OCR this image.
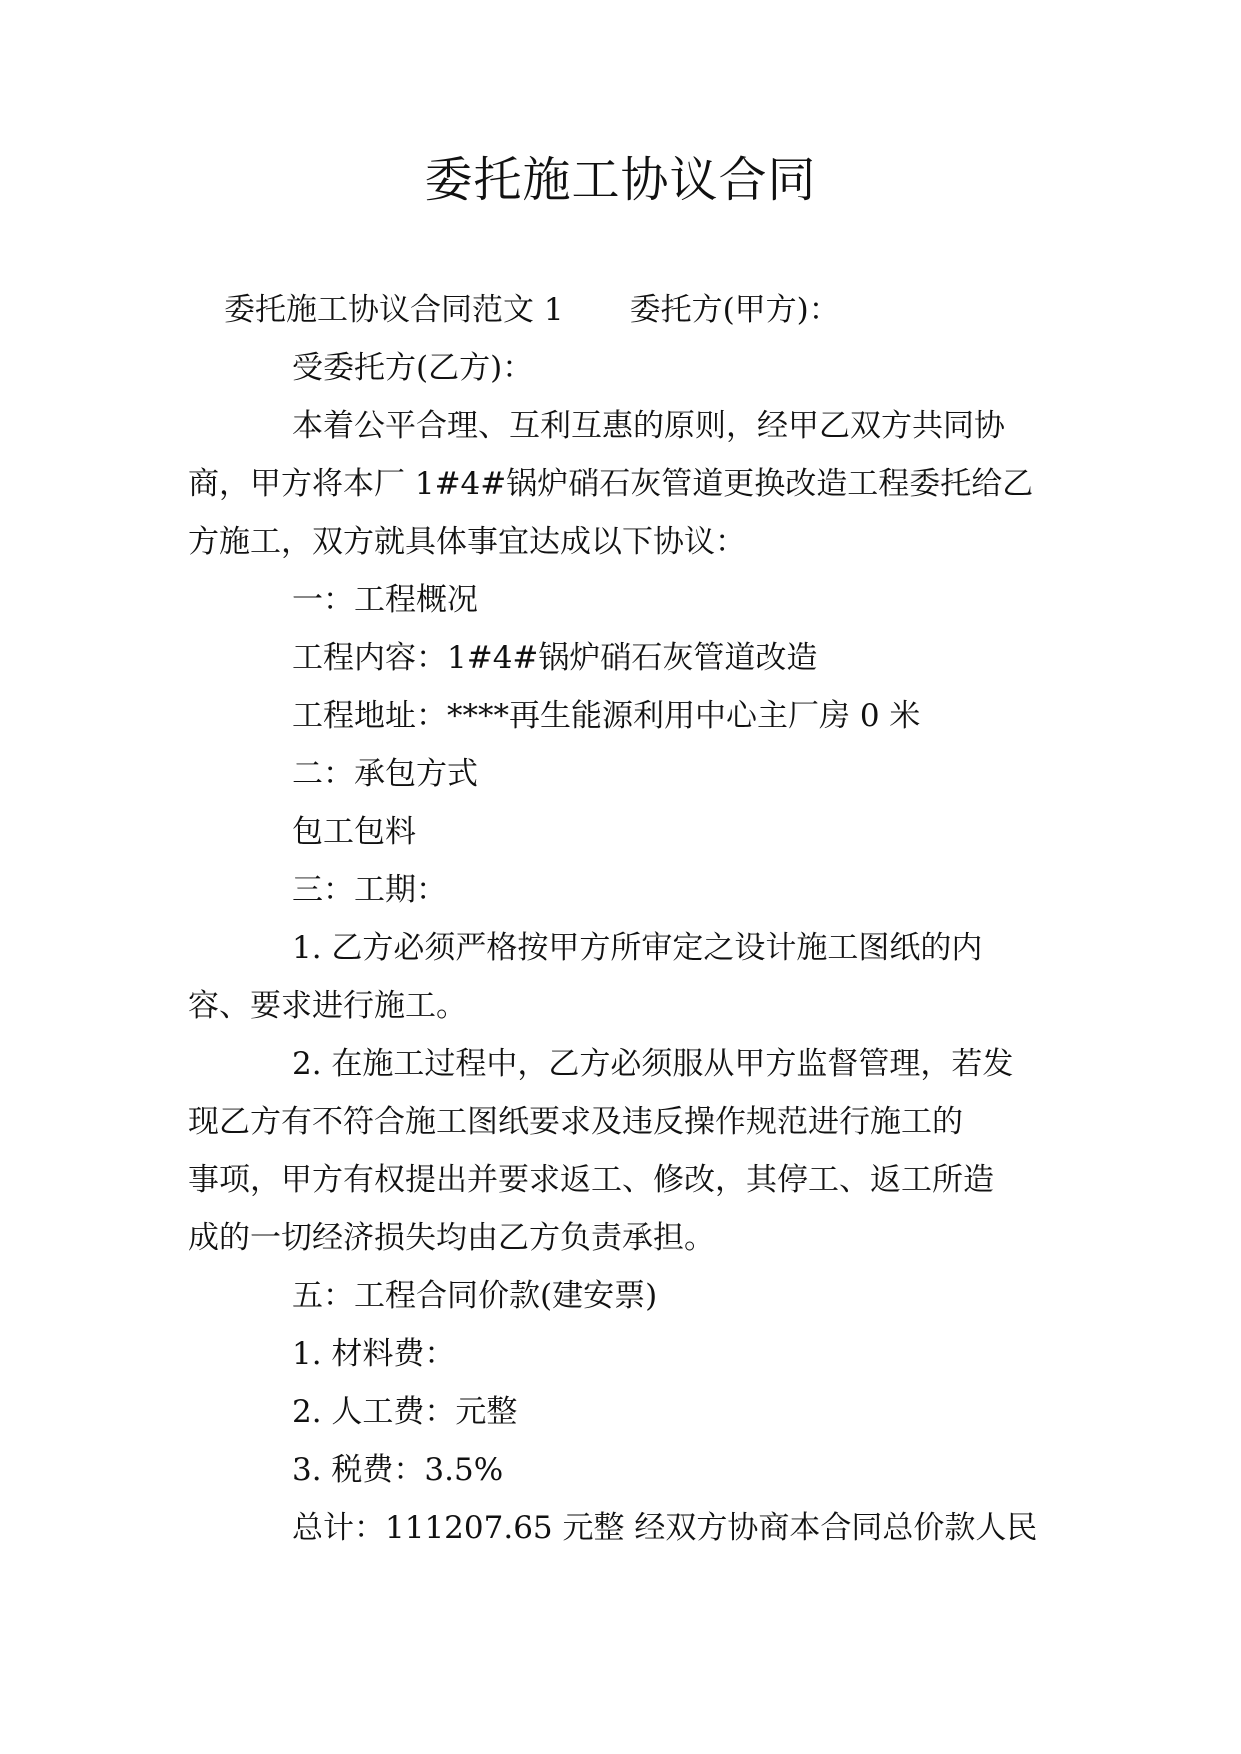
委托施工协议合同
委托施工协议合同范文 1 委托方(甲方)：
受委托方(乙方)：
本着公平合理、互利互惠的原则，经甲乙双方共同协
商，甲方将本厂 1#4#锅炉硝石灰管道更换改造工程委托给乙
方施工，双方就具体事宜达成以下协议：
一：工程概况
工程内容：1#4#锅炉硝石灰管道改造
工程地址：****再生能源利用中心主厂房 0 米
二：承包方式
包工包料
三：工期：
1. 乙方必须严格按甲方所审定之设计施工图纸的内
容、要求进行施工。
2. 在施工过程中，乙方必须服从甲方监督管理，若发
现乙方有不符合施工图纸要求及违反操作规范进行施工的
事项，甲方有权提出并要求返工、修改，其停工、返工所造
成的一切经济损失均由乙方负责承担。
五：工程合同价款(建安票)
1. 材料费：
2. 人工费：元整
3. 税费：3.5%
总计：111207.65 元整 经双方协商本合同总价款人民
